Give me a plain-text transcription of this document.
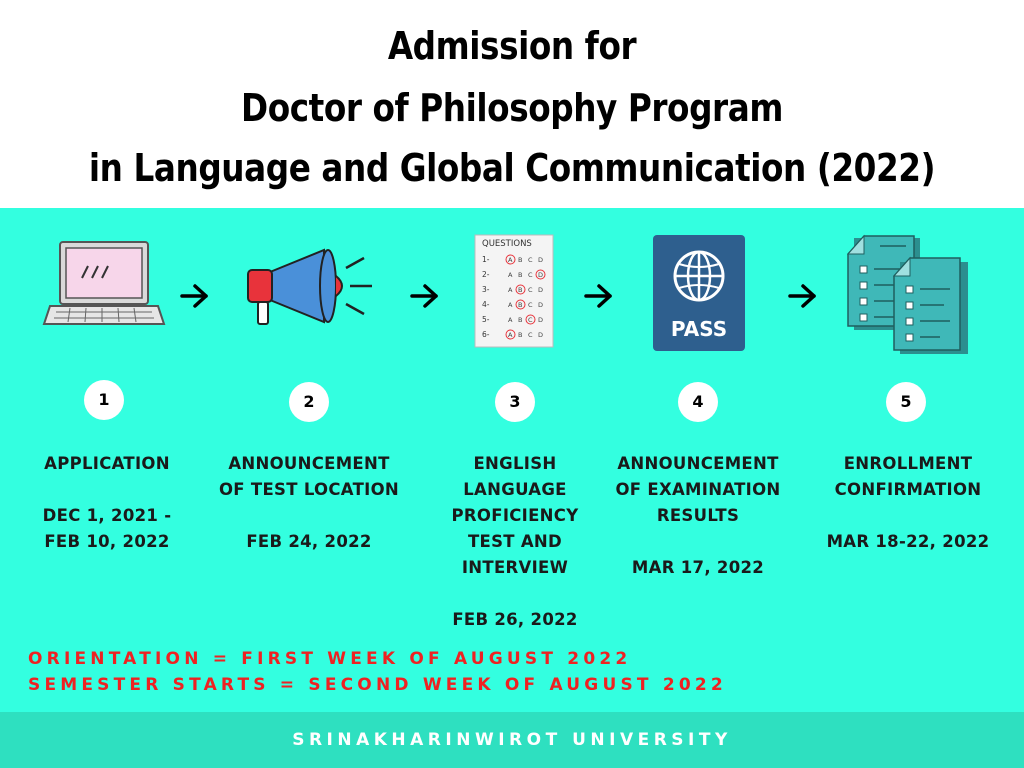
Admission for
Doctor of Philosophy Program
in Language and Global Communication (2022)
QUESTIONS
1-	A B C D
2-	A B C D
3-	A B C D
4-	A B C D
5-	A B C D
6-	A B C D	PASS
1	2	3	4	5
APPLICATION
DEC 1, 2021 -
FEB 10, 2022
ANNOUNCEMENT
OF TEST LOCATION
FEB 24, 2022
ENGLISH
LANGUAGE
PROFICIENCY
TEST AND
INTERVIEW
FEB 26, 2022
ANNOUNCEMENT
OF EXAMINATION
RESULTS
MAR 17, 2022
ENROLLMENT
CONFIRMATION
MAR 18-22, 2022
ORIENTATION = FIRST WEEK OF AUGUST 2022
SEMESTER STARTS = SECOND WEEK OF AUGUST 2022
SRINAKHARINWIROT UNIVERSITY
